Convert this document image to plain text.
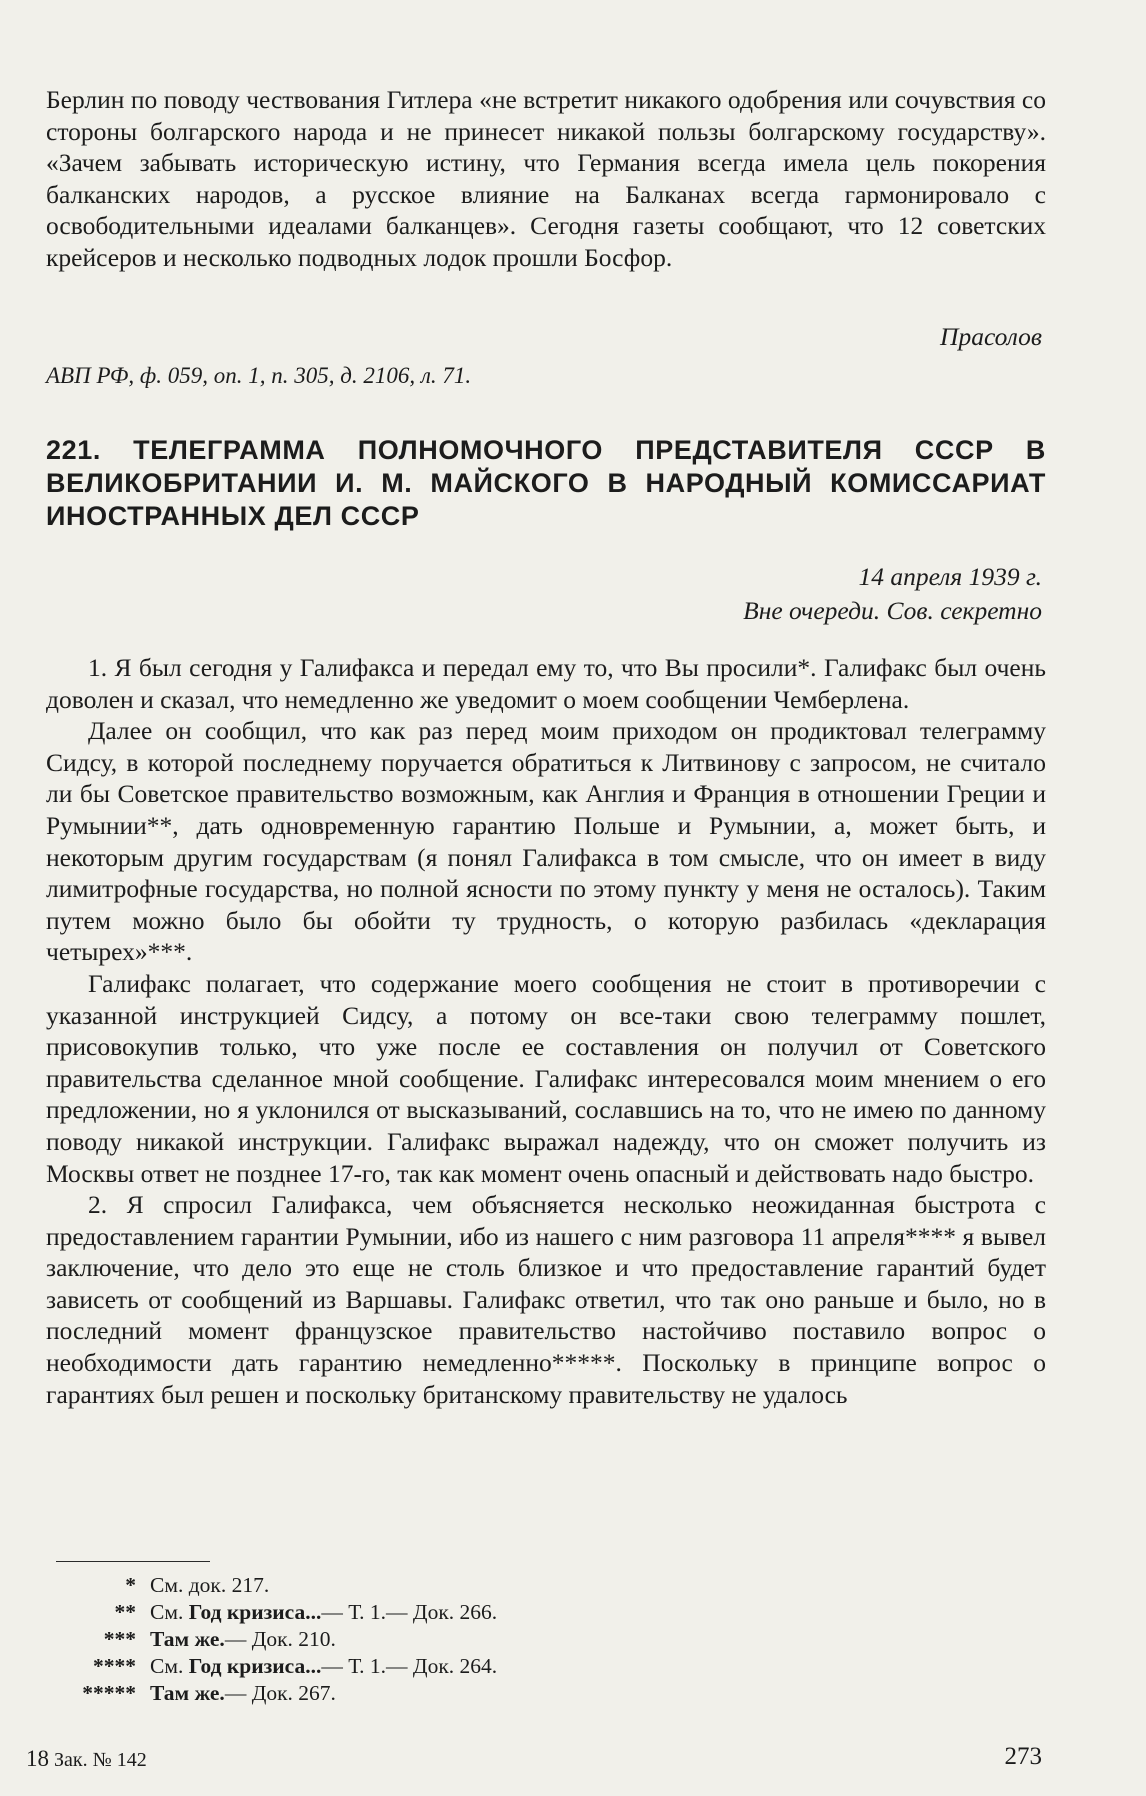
Берлин по поводу чествования Гитлера «не встретит никакого одобрения или сочувствия со стороны болгарского народа и не принесет никакой пользы болгарскому государству». «Зачем забывать историческую истину, что Германия всегда имела цель покорения балканских народов, а русское влияние на Балканах всегда гармонировало с освободительными идеалами балканцев». Сегодня газеты сообщают, что 12 советских крейсеров и несколько подводных лодок прошли Босфор.
Прасолов
АВП РФ, ф. 059, оп. 1, п. 305, д. 2106, л. 71.
221. ТЕЛЕГРАММА ПОЛНОМОЧНОГО ПРЕДСТАВИТЕЛЯ СССР В ВЕЛИКОБРИТАНИИ И. М. МАЙСКОГО В НАРОДНЫЙ КОМИССАРИАТ ИНОСТРАННЫХ ДЕЛ СССР
14 апреля 1939 г.
Вне очереди. Сов. секретно

1. Я был сегодня у Галифакса и передал ему то, что Вы просили*. Галифакс был очень доволен и сказал, что немедленно же уведомит о моем сообщении Чемберлена.

Далее он сообщил, что как раз перед моим приходом он продиктовал телеграмму Сидсу, в которой последнему поручается обратиться к Литвинову с запросом, не считало ли бы Советское правительство возможным, как Англия и Франция в отношении Греции и Румынии**, дать одновременную гарантию Польше и Румынии, а, может быть, и некоторым другим государствам (я понял Галифакса в том смысле, что он имеет в виду лимитрофные государства, но полной ясности по этому пункту у меня не осталось). Таким путем можно было бы обойти ту трудность, о которую разбилась «декларация четырех»***.

Галифакс полагает, что содержание моего сообщения не стоит в противоречии с указанной инструкцией Сидсу, а потому он все-таки свою телеграмму пошлет, присовокупив только, что уже после ее составления он получил от Советского правительства сделанное мной сообщение. Галифакс интересовался моим мнением о его предложении, но я уклонился от высказываний, сославшись на то, что не имею по данному поводу никакой инструкции. Галифакс выражал надежду, что он сможет получить из Москвы ответ не позднее 17-го, так как момент очень опасный и действовать надо быстро.

2. Я спросил Галифакса, чем объясняется несколько неожиданная быстрота с предоставлением гарантии Румынии, ибо из нашего с ним разговора 11 апреля**** я вывел заключение, что дело это еще не столь близкое и что предоставление гарантий будет зависеть от сообщений из Варшавы. Галифакс ответил, что так оно раньше и было, но в последний момент французское правительство настойчиво поставило вопрос о необходимости дать гарантию немедленно*****. Поскольку в принципе вопрос о гарантиях был решен и поскольку британскому правительству не удалось

* См. док. 217.
** См. Год кризиса...— Т. 1.— Док. 266.
*** Там же.— Док. 210.
**** См. Год кризиса...— Т. 1.— Док. 264.
***** Там же.— Док. 267.
18 Зак. № 142	273
